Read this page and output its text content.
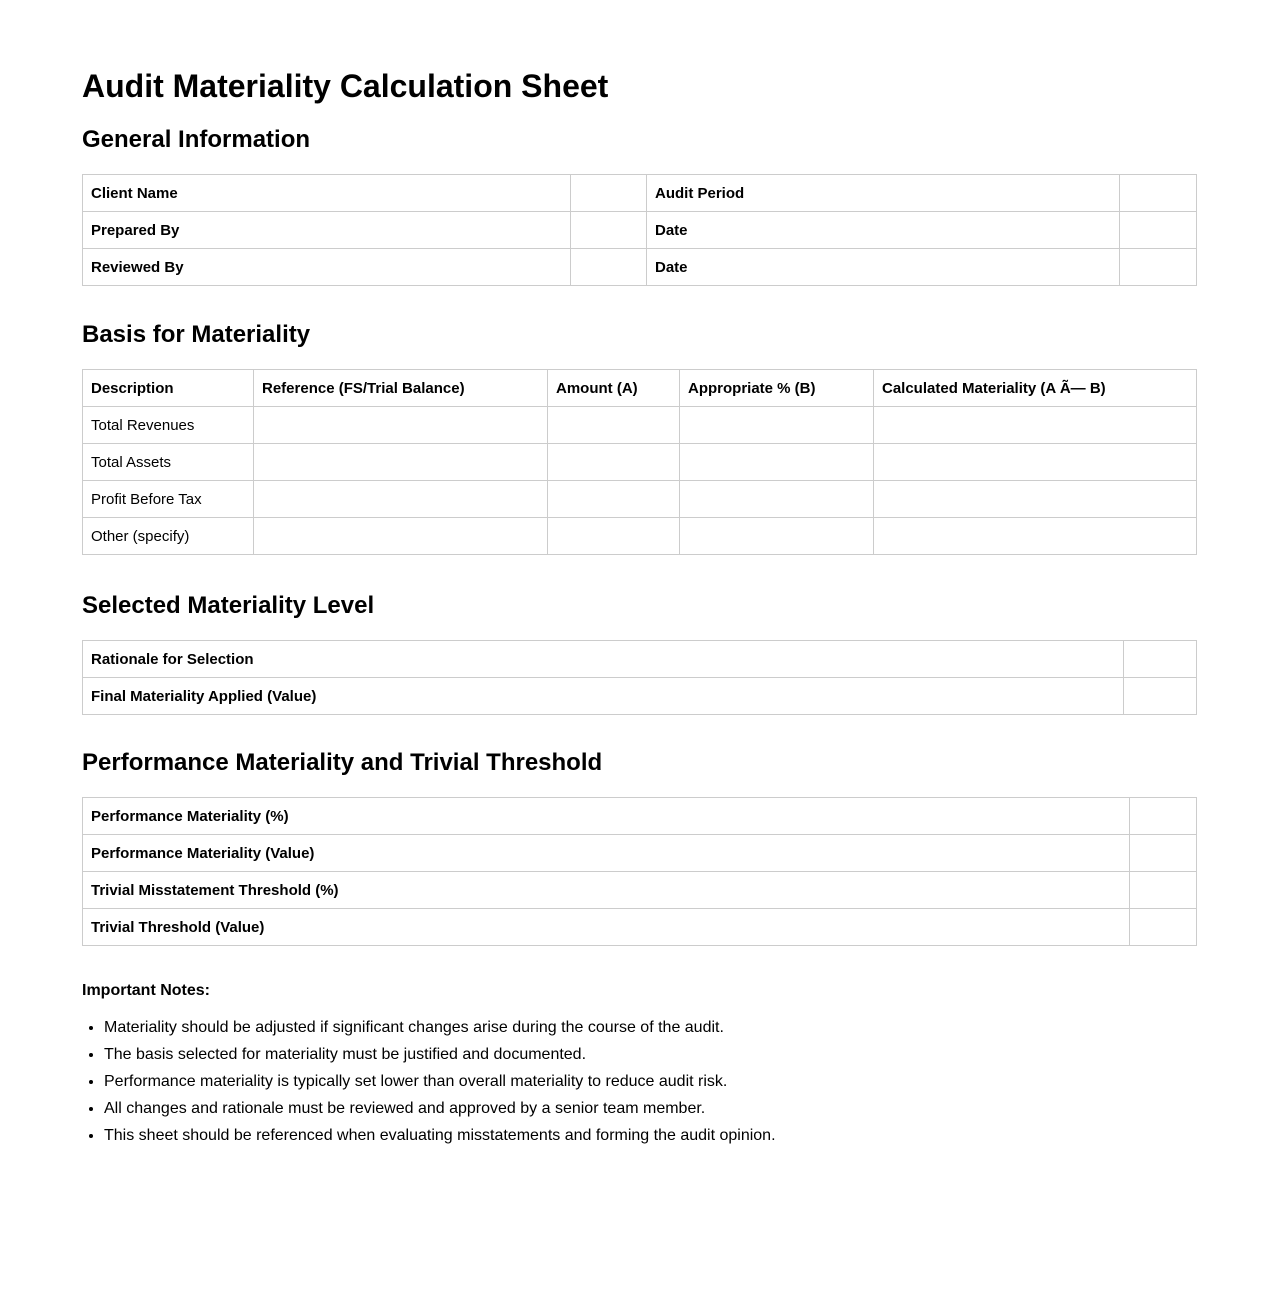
Audit Materiality Calculation Sheet
General Information
Client Name		Audit Period	
Prepared By		Date	
Reviewed By		Date	
Basis for Materiality
Description	Reference (FS/Trial Balance)	Amount (A)	Appropriate % (B)	Calculated Materiality (A Ã— B)
Total Revenues				
Total Assets				
Profit Before Tax				
Other (specify)				
Selected Materiality Level
Rationale for Selection	
Final Materiality Applied (Value)	
Performance Materiality and Trivial Threshold
Performance Materiality (%)	
Performance Materiality (Value)	
Trivial Misstatement Threshold (%)	
Trivial Threshold (Value)	
Important Notes:
• Materiality should be adjusted if significant changes arise during the course of the audit.
• The basis selected for materiality must be justified and documented.
• Performance materiality is typically set lower than overall materiality to reduce audit risk.
• All changes and rationale must be reviewed and approved by a senior team member.
• This sheet should be referenced when evaluating misstatements and forming the audit opinion.
